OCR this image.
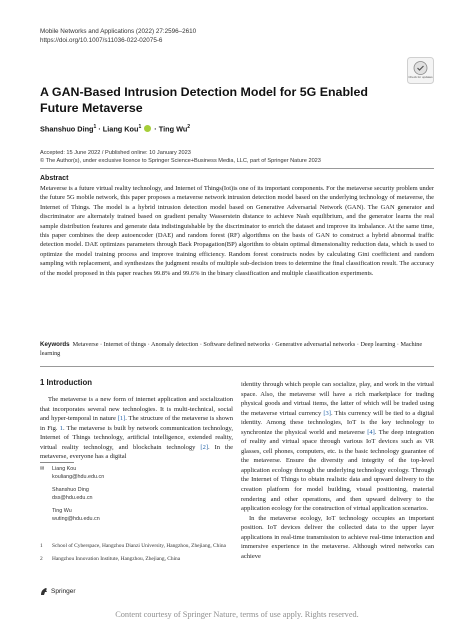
Mobile Networks and Applications (2022) 27:2596–2610
https://doi.org/10.1007/s11036-022-02075-6
Check for updates
A GAN-Based Intrusion Detection Model for 5G Enabled Future Metaverse
Shanshuo Ding$^1$ · Liang Kou$^1$  · Ting Wu$^2$
Accepted: 15 June 2022 / Published online: 10 January 2023
© The Author(s), under exclusive licence to Springer Science+Business Media, LLC, part of Springer Nature 2023
Abstract
Metaverse is a future virtual reality technology, and Internet of Things(Iot)is one of its important components. For the metaverse security problem under the future 5G mobile network, this paper proposes a metaverse network intrusion detection model based on the underlying technology of metaverse, the Internet of Things. The model is a hybrid intrusion detection model based on Generative Adversarial Network (GAN). The GAN generator and discriminator are alternately trained based on gradient penalty Wasserstein distance to achieve Nash equilibrium, and the generator learns the real sample distribution features and generate data indistinguishable by the discriminator to enrich the dataset and improve its imbalance. At the same time, this paper combines the deep autoencoder (DAE) and random forest (RF) algorithms on the basis of GAN to construct a hybrid abnormal traffic detection model. DAE optimizes parameters through Back Propagation(BP) algorithm to obtain optimal dimensionality reduction data, which is used to optimize the model training process and improve training efficiency. Random forest constructs nodes by calculating Gini coefficient and random sampling with replacement, and synthesizes the judgment results of multiple sub-decision trees to determine the final classification result. The accuracy of the model proposed in this paper reaches 99.8% and 99.6% in the binary classification and multiple classification experiments.
Keywords Metaverse · Internet of things · Anomaly detection · Software defined networks · Generative adversarial networks · Deep learning · Machine learning
1 Introduction

The metaverse is a new form of internet application and socialization that incorporates several new technologies. It is multi-technical, social and hyper-temporal in nature [1]. The structure of the metaverse is shown in Fig. 1. The metaverse is built by network communication technology, Internet of Things technology, artificial intelligence, extended reality, virtual reality technology, and blockchain technology [2]. In the metaverse, everyone has a digital

✉	Liang Kou
kouliang@hdu.edu.cn
Shanshuo Ding
dss@hdu.edu.cn
Ting Wu
wuting@hdu.edu.cn
1	School of Cyberspace, Hangzhou Dianzi University, Hangzhou, Zhejiang, China
2	Hangzhou Innovation Institute, Hangzhou, Zhejiang, China

identity through which people can socialize, play, and work in the virtual space. Also, the metaverse will have a rich marketplace for trading physical goods and virtual items, the latter of which will be traded using the metaverse virtual currency [3]. This currency will be tied to a digital identity. Among these technologies, IoT is the key technology to synchronize the physical world and metaverse [4]. The deep integration of reality and virtual space through various IoT devices such as VR glasses, cell phones, computers, etc. is the basic technology guarantee of the metaverse. Ensure the diversity and integrity of the top-level application ecology through the underlying technology ecology. Through the Internet of Things to obtain realistic data and upward delivery to the creation platform for model building, visual positioning, material rendering and other operations, and then upward delivery to the application ecology for the construction of virtual application scenarios.

In the metaverse ecology, IoT technology occupies an important position. IoT devices deliver the collected data to the upper layer applications in real-time transmission to achieve real-time interaction and immersive experience in the metaverse. Although wired networks can achieve

Springer
Content courtesy of Springer Nature, terms of use apply. Rights reserved.
